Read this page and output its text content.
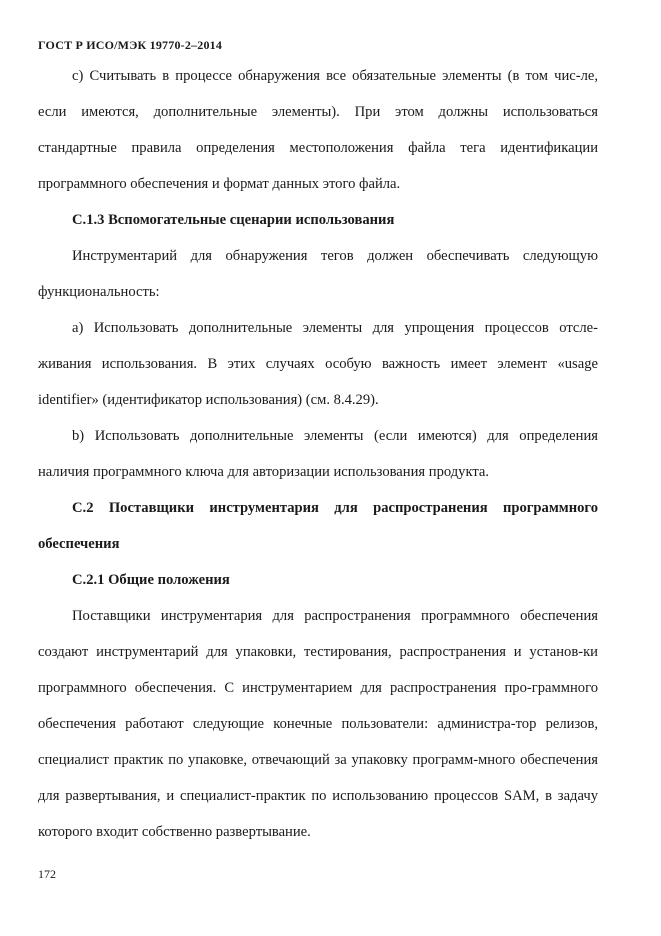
ГОСТ Р ИСО/МЭК 19770-2–2014

с) Считывать в процессе обнаружения все обязательные элементы (в том чис-ле, если имеются, дополнительные элементы). При этом должны использоваться стандартные правила определения местоположения файла тега идентификации программного обеспечения и формат данных этого файла.

С.1.3 Вспомогательные сценарии использования

Инструментарий для обнаружения тегов должен обеспечивать следующую функциональность:

а) Использовать дополнительные элементы для упрощения процессов отсле-живания использования. В этих случаях особую важность имеет элемент «usage identifier» (идентификатор использования) (см. 8.4.29).

b) Использовать дополнительные элементы (если имеются) для определения наличия программного ключа для авторизации использования продукта.

С.2 Поставщики инструментария для распространения программного

обеспечения

С.2.1 Общие положения

Поставщики инструментария для распространения программного обеспечения создают инструментарий для упаковки, тестирования, распространения и установ-ки программного обеспечения. С инструментарием для распространения про-граммного обеспечения работают следующие конечные пользователи: администра-тор релизов, специалист практик по упаковке, отвечающий за упаковку программ-много обеспечения для развертывания, и специалист-практик по использованию процессов SAM, в задачу которого входит собственно развертывание.

172
